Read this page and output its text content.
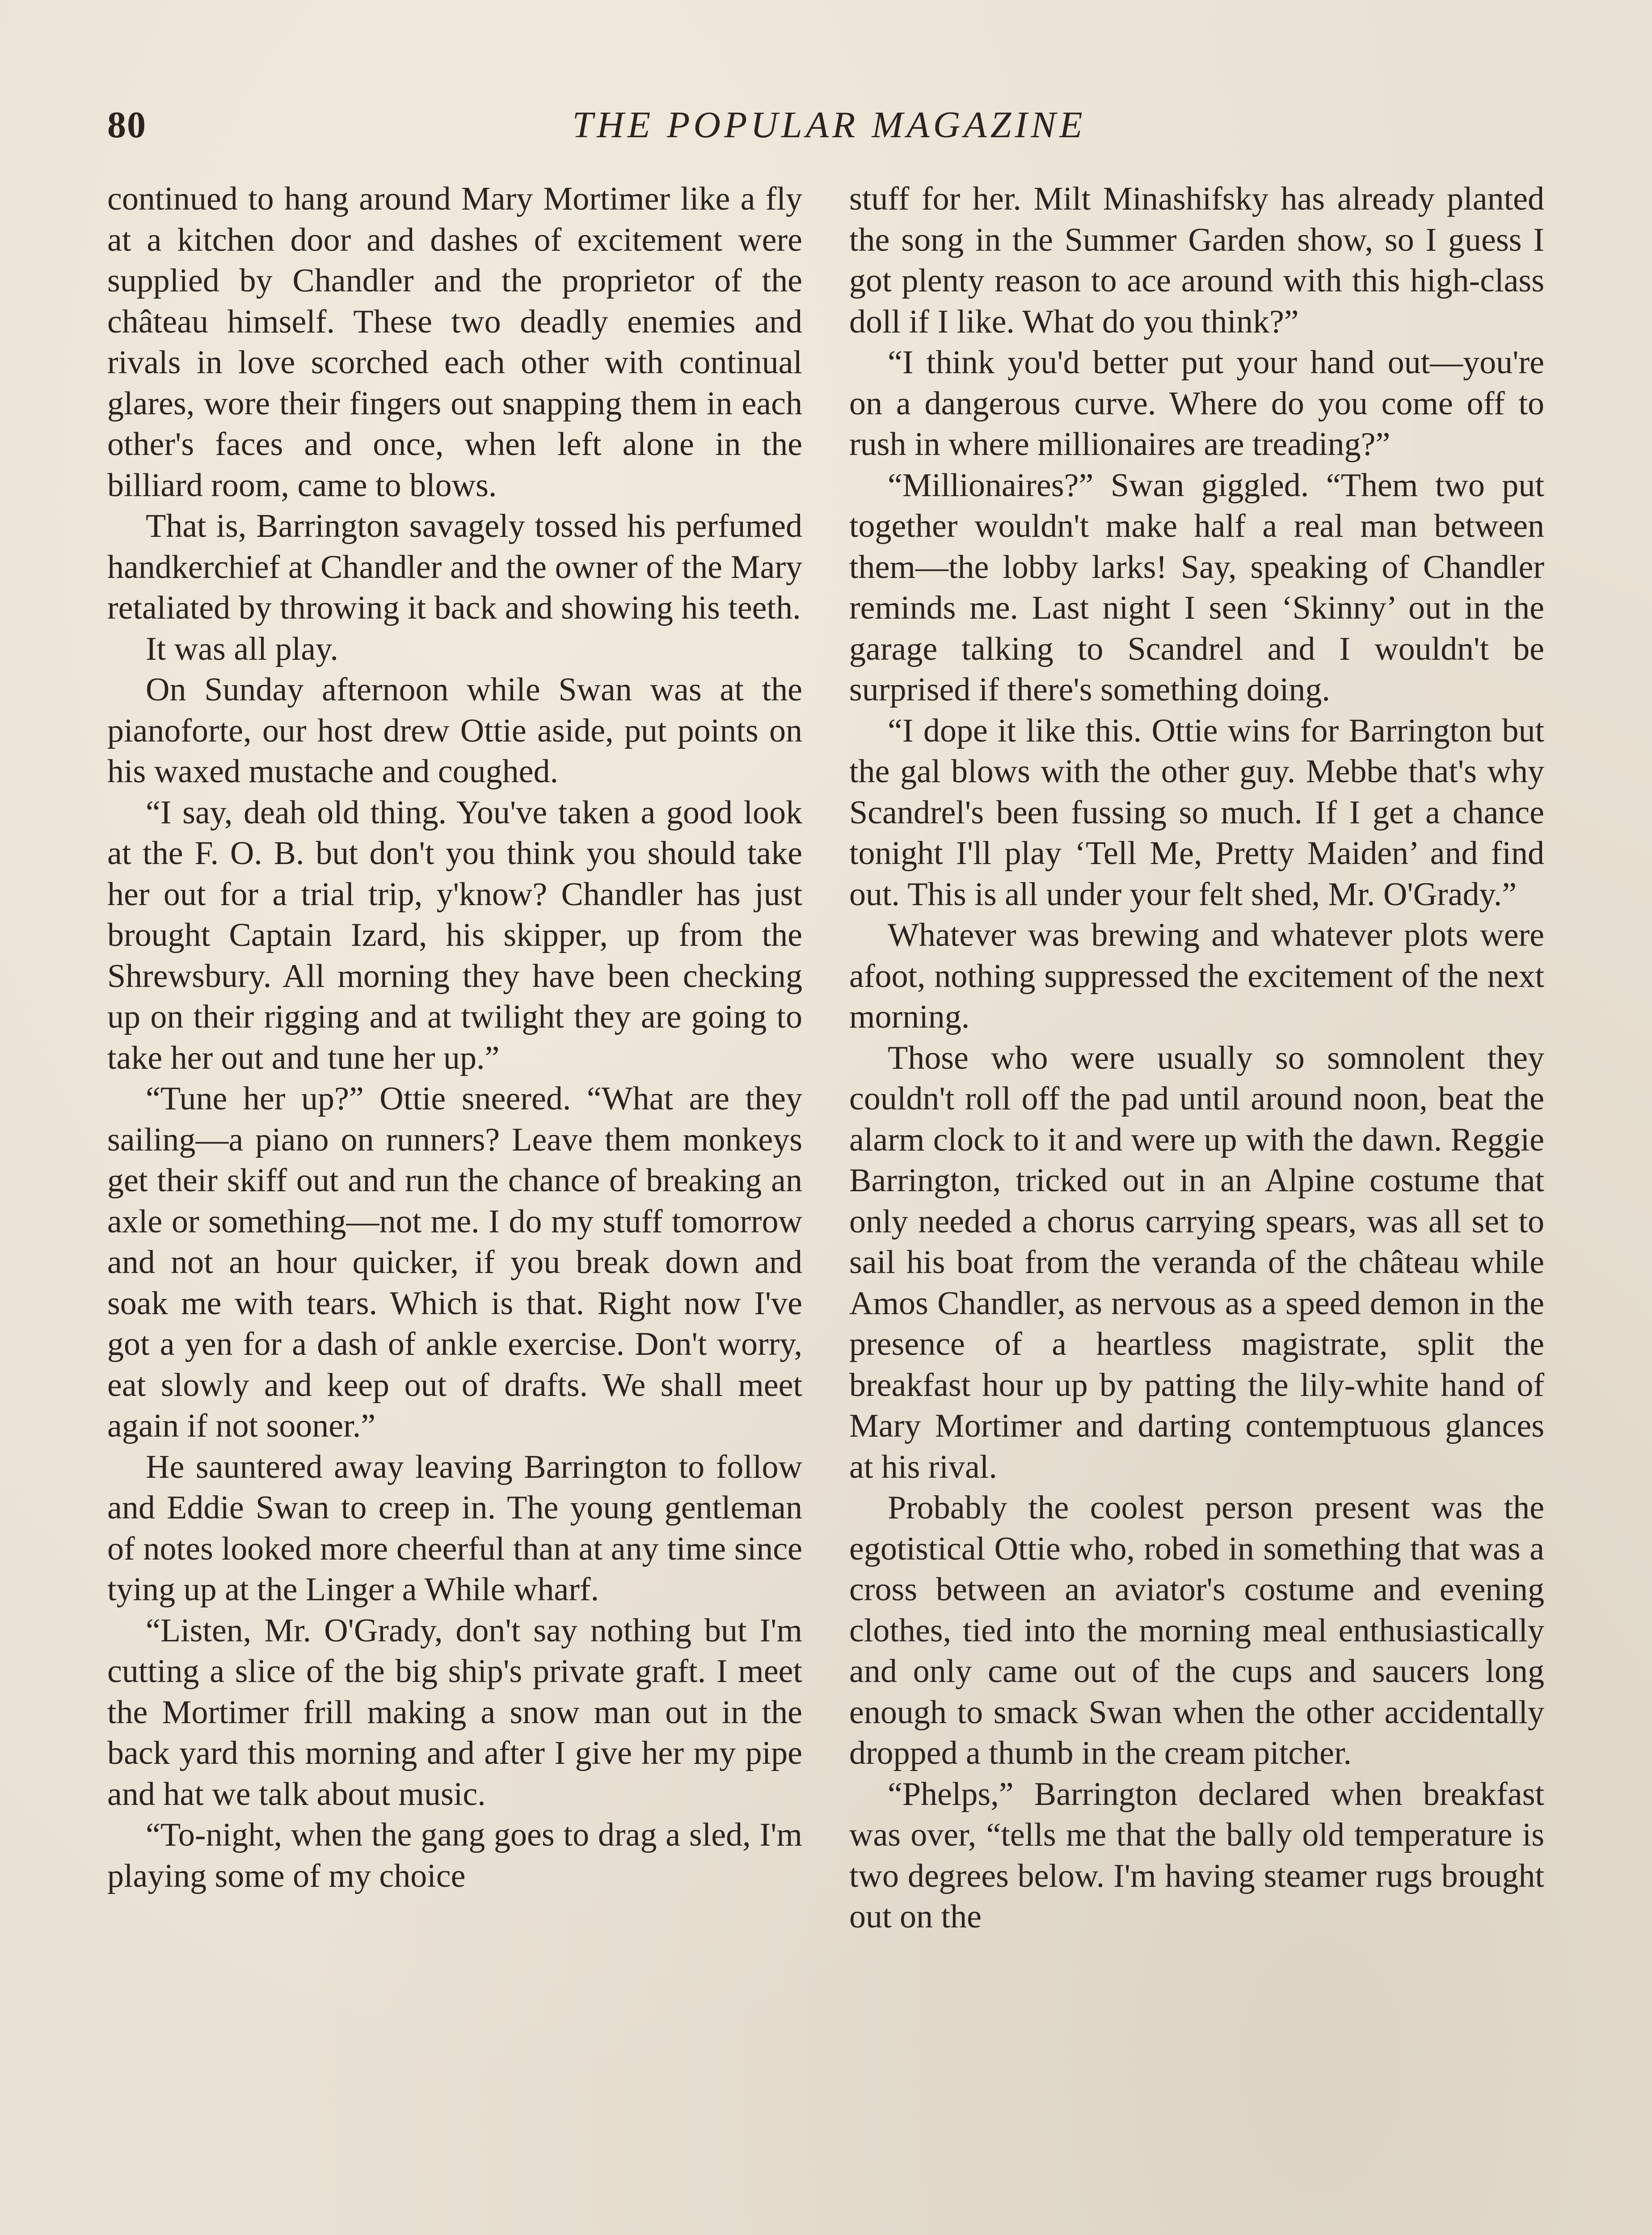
80	THE POPULAR MAGAZINE

continued to hang around Mary Mortimer like a fly at a kitchen door and dashes of excitement were supplied by Chandler and the proprietor of the château himself. These two deadly enemies and rivals in love scorched each other with continual glares, wore their fingers out snapping them in each other's faces and once, when left alone in the billiard room, came to blows.

That is, Barrington savagely tossed his perfumed handkerchief at Chandler and the owner of the Mary retaliated by throwing it back and showing his teeth.

It was all play.

On Sunday afternoon while Swan was at the pianoforte, our host drew Ottie aside, put points on his waxed mustache and coughed.

“I say, deah old thing. You've taken a good look at the F. O. B. but don't you think you should take her out for a trial trip, y'know? Chandler has just brought Captain Izard, his skipper, up from the Shrewsbury. All morning they have been checking up on their rigging and at twilight they are going to take her out and tune her up.”

“Tune her up?” Ottie sneered. “What are they sailing—a piano on runners? Leave them monkeys get their skiff out and run the chance of breaking an axle or something—not me. I do my stuff tomorrow and not an hour quicker, if you break down and soak me with tears. Which is that. Right now I've got a yen for a dash of ankle exercise. Don't worry, eat slowly and keep out of drafts. We shall meet again if not sooner.”

He sauntered away leaving Barrington to follow and Eddie Swan to creep in. The young gentleman of notes looked more cheerful than at any time since tying up at the Linger a While wharf.

“Listen, Mr. O'Grady, don't say nothing but I'm cutting a slice of the big ship's private graft. I meet the Mortimer frill making a snow man out in the back yard this morning and after I give her my pipe and hat we talk about music.

“To-night, when the gang goes to drag a sled, I'm playing some of my choice

stuff for her. Milt Minashifsky has already planted the song in the Summer Garden show, so I guess I got plenty reason to ace around with this high-class doll if I like. What do you think?”

“I think you'd better put your hand out—you're on a dangerous curve. Where do you come off to rush in where millionaires are treading?”

“Millionaires?” Swan giggled. “Them two put together wouldn't make half a real man between them—the lobby larks! Say, speaking of Chandler reminds me. Last night I seen ‘Skinny’ out in the garage talking to Scandrel and I wouldn't be surprised if there's something doing.

“I dope it like this. Ottie wins for Barrington but the gal blows with the other guy. Mebbe that's why Scandrel's been fussing so much. If I get a chance tonight I'll play ‘Tell Me, Pretty Maiden’ and find out. This is all under your felt shed, Mr. O'Grady.”

Whatever was brewing and whatever plots were afoot, nothing suppressed the excitement of the next morning.

Those who were usually so somnolent they couldn't roll off the pad until around noon, beat the alarm clock to it and were up with the dawn. Reggie Barrington, tricked out in an Alpine costume that only needed a chorus carrying spears, was all set to sail his boat from the veranda of the château while Amos Chandler, as nervous as a speed demon in the presence of a heartless magistrate, split the breakfast hour up by patting the lily-white hand of Mary Mortimer and darting contemptuous glances at his rival.

Probably the coolest person present was the egotistical Ottie who, robed in something that was a cross between an aviator's costume and evening clothes, tied into the morning meal enthusiastically and only came out of the cups and saucers long enough to smack Swan when the other accidentally dropped a thumb in the cream pitcher.

“Phelps,” Barrington declared when breakfast was over, “tells me that the bally old temperature is two degrees below. I'm having steamer rugs brought out on the
